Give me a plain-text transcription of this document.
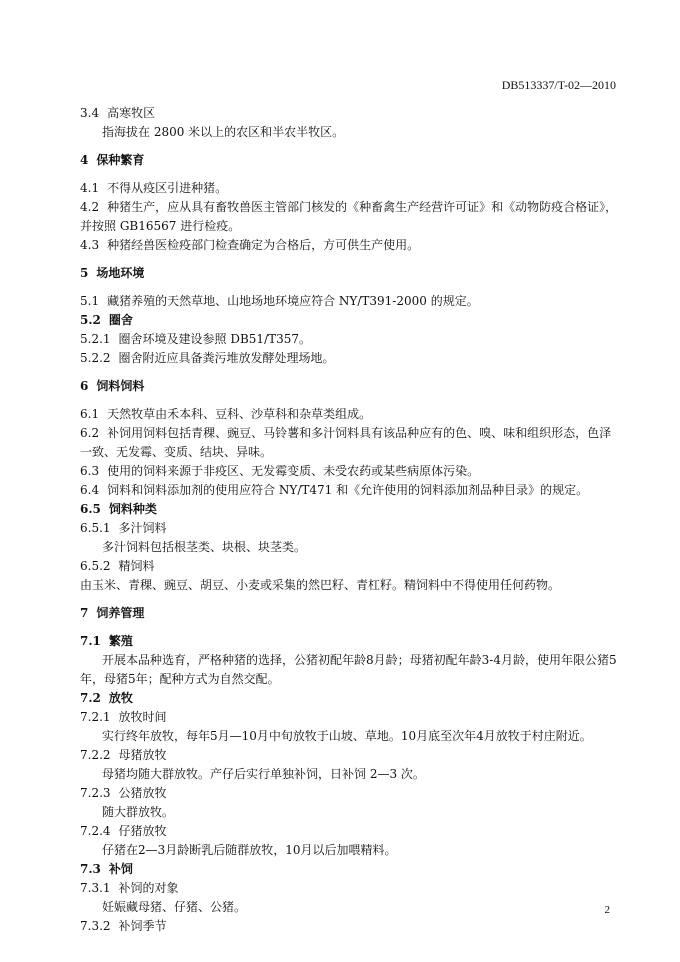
DB513337/T-02—2010
3.4 高寒牧区
指海拔在 2800 米以上的农区和半农半牧区。
4 保种繁育
4.1 不得从疫区引进种猪。
4.2 种猪生产，应从具有畜牧兽医主管部门核发的《种畜禽生产经营许可证》和《动物防疫合格证》，
并按照 GB16567 进行检疫。
4.3 种猪经兽医检疫部门检查确定为合格后，方可供生产使用。
5 场地环境
5.1 藏猪养殖的天然草地、山地场地环境应符合 NY/T391-2000 的规定。
5.2 圈舍
5.2.1 圈舍环境及建设参照 DB51/T357。
5.2.2 圈舍附近应具备粪污堆放发酵处理场地。
6 饲料饲料
6.1 天然牧草由禾本科、豆科、沙草科和杂草类组成。
6.2 补饲用饲料包括青稞、豌豆、马铃薯和多汁饲料具有该品种应有的色、嗅、味和组织形态，色泽
一致、无发霉、变质、结块、异味。
6.3 使用的饲料来源于非疫区、无发霉变质、未受农药或某些病原体污染。
6.4 饲料和饲料添加剂的使用应符合 NY/T471 和《允许使用的饲料添加剂品种目录》的规定。
6.5 饲料种类
6.5.1 多汁饲料
多汁饲料包括根茎类、块根、块茎类。
6.5.2 精饲料
由玉米、青稞、豌豆、胡豆、小麦或采集的然巴籽、青杠籽。精饲料中不得使用任何药物。
7 饲养管理
7.1 繁殖
开展本品种选育，严格种猪的选择，公猪初配年龄8月龄；母猪初配年龄3-4月龄，使用年限公猪5
年，母猪5年；配种方式为自然交配。
7.2 放牧
7.2.1 放牧时间
实行终年放牧，每年5月—10月中旬放牧于山坡、草地。10月底至次年4月放牧于村庄附近。
7.2.2 母猪放牧
母猪均随大群放牧。产仔后实行单独补饲，日补饲 2—3 次。
7.2.3 公猪放牧
随大群放牧。
7.2.4 仔猪放牧
仔猪在2—3月龄断乳后随群放牧，10月以后加喂精料。
7.3 补饲
7.3.1 补饲的对象
妊娠藏母猪、仔猪、公猪。
7.3.2 补饲季节
2
